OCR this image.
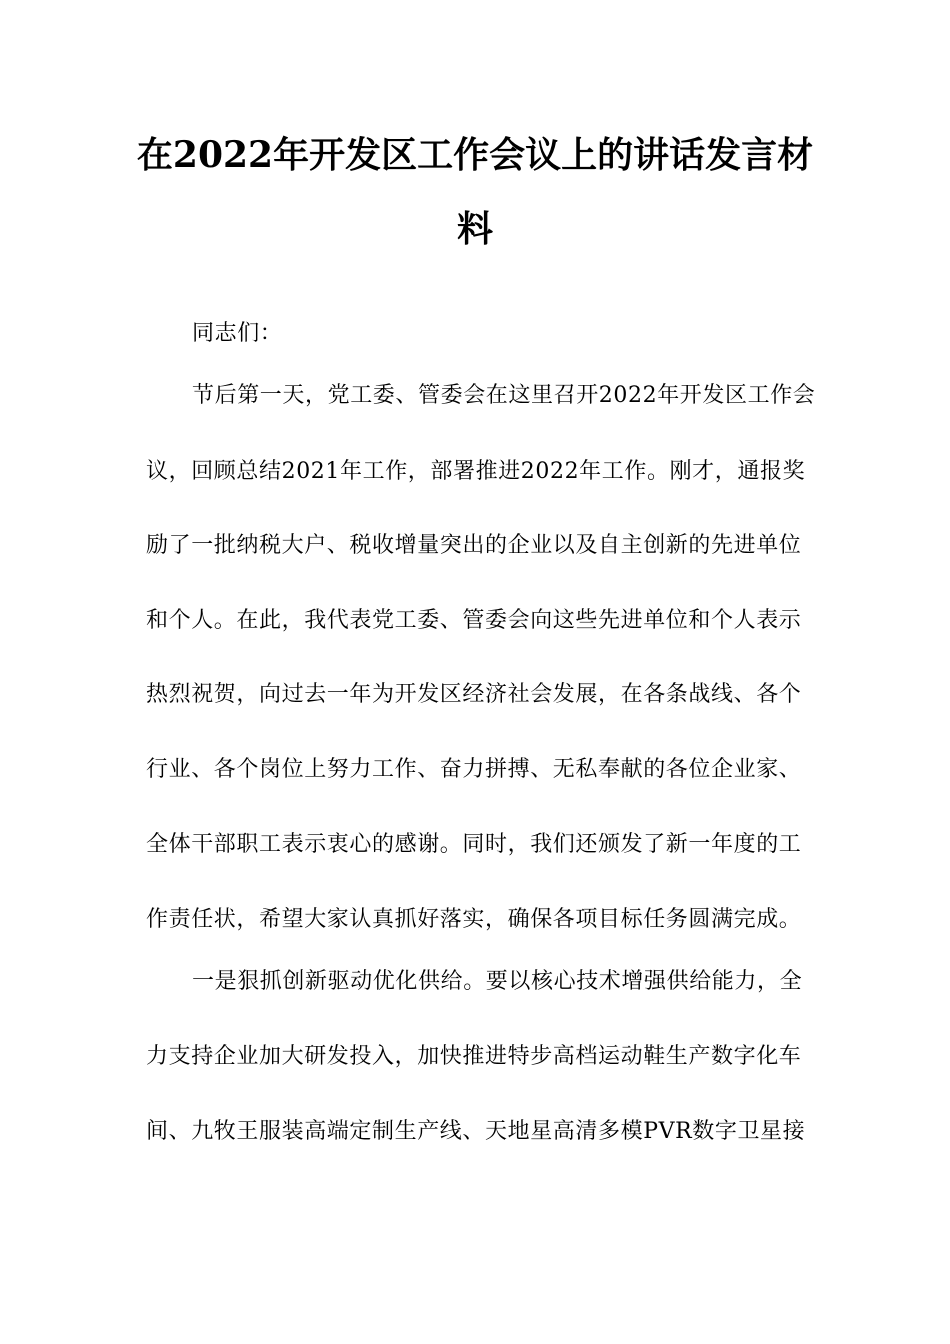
在2022年开发区工作会议上的讲话发言材
料
同志们：
节后第一天，党工委、管委会在这里召开2022年开发区工作会
议，回顾总结2021年工作，部署推进2022年工作。刚才，通报奖
励了一批纳税大户、税收增量突出的企业以及自主创新的先进单位
和个人。在此，我代表党工委、管委会向这些先进单位和个人表示
热烈祝贺，向过去一年为开发区经济社会发展，在各条战线、各个
行业、各个岗位上努力工作、奋力拼搏、无私奉献的各位企业家、
全体干部职工表示衷心的感谢。同时，我们还颁发了新一年度的工
作责任状，希望大家认真抓好落实，确保各项目标任务圆满完成。
一是狠抓创新驱动优化供给。要以核心技术增强供给能力，全
力支持企业加大研发投入，加快推进特步高档运动鞋生产数字化车
间、九牧王服装高端定制生产线、天地星高清多模PVR数字卫星接
